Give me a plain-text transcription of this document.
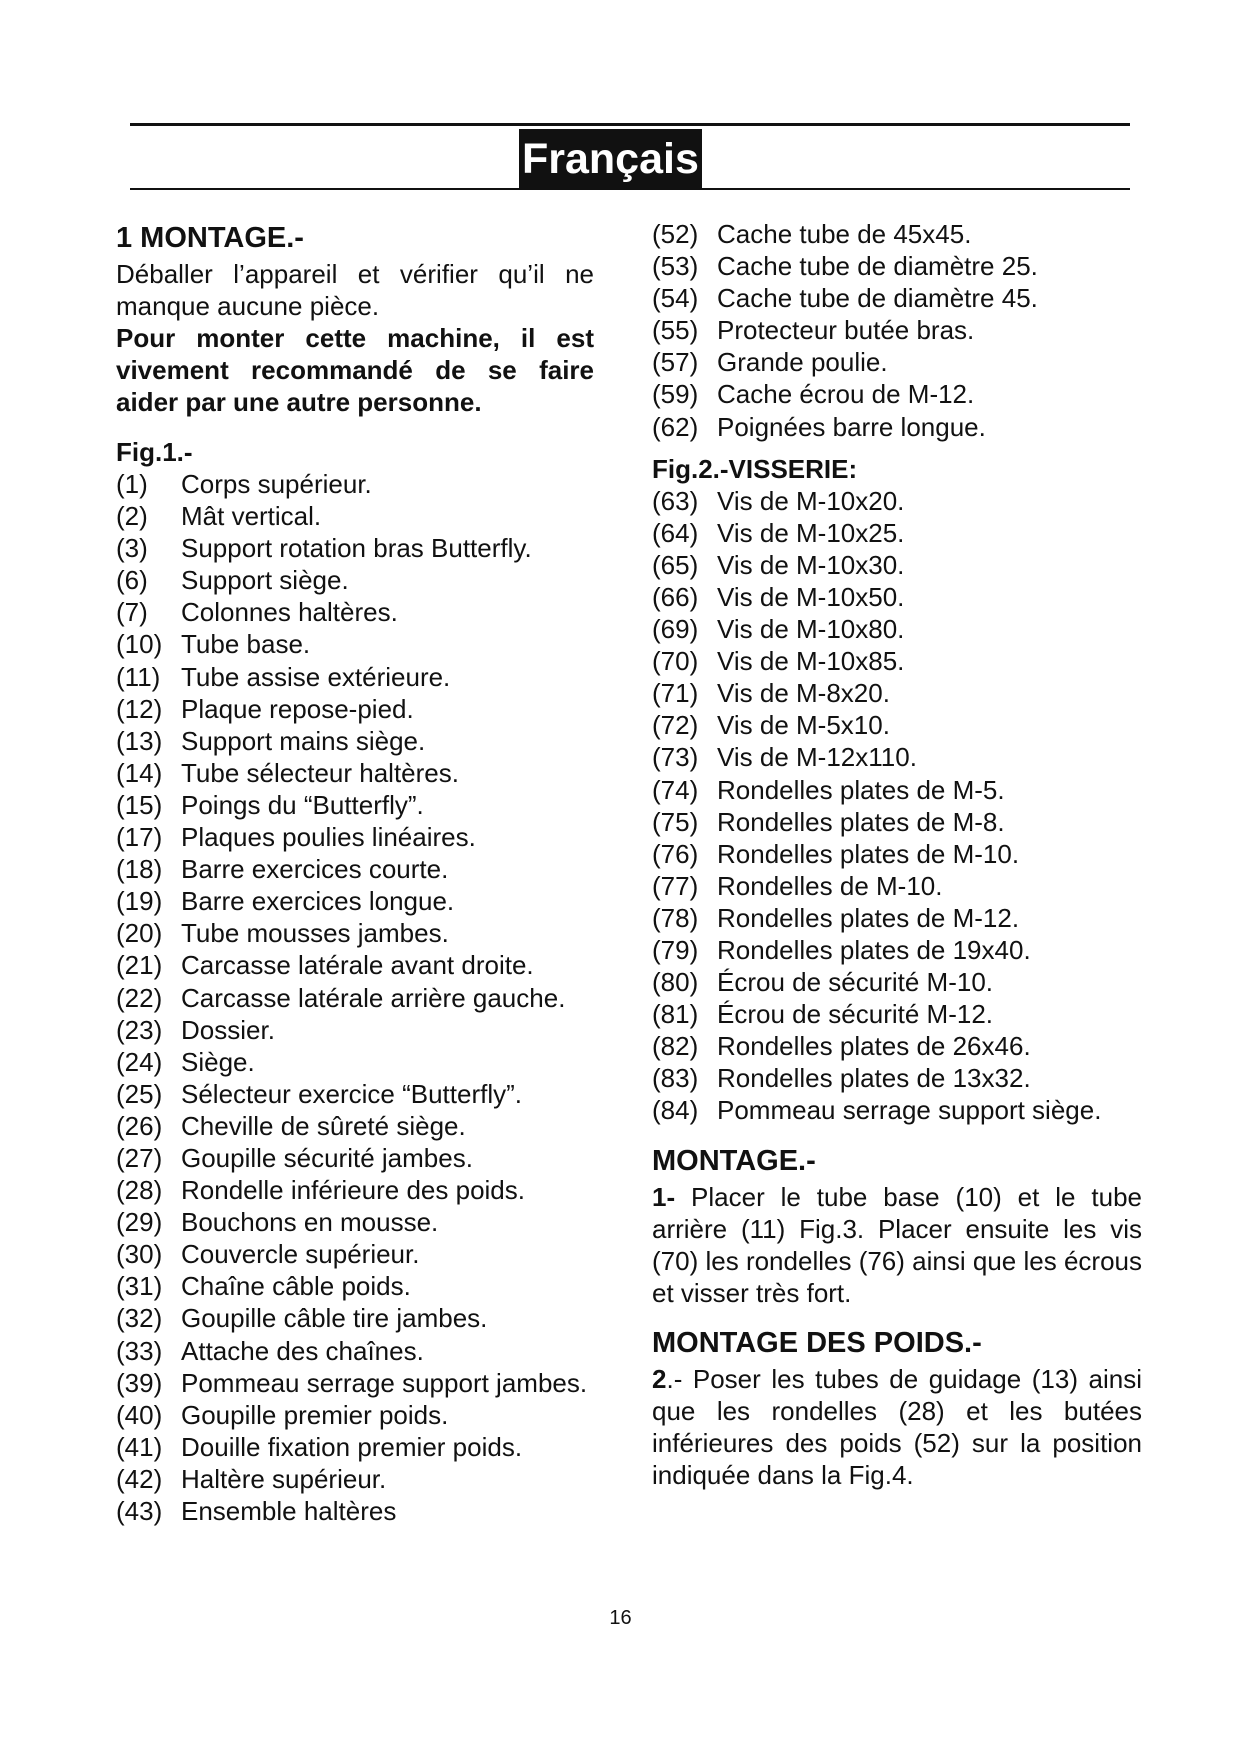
Français
1 MONTAGE.-

Déballer l’appareil et vérifier qu’il ne manque aucune pièce.

Pour monter cette machine, il est vivement recommandé de se faire aider par une autre personne.

Fig.1.-
(1)	Corps supérieur.
(2)	Mât vertical.
(3)	Support rotation bras Butterfly.
(6)	Support siège.
(7)	Colonnes haltères.
(10) Tube base.
(11) Tube assise extérieure.
(12) Plaque repose-pied.
(13) Support mains siège.
(14) Tube sélecteur haltères.
(15) Poings du “Butterfly”.
(17) Plaques poulies linéaires.
(18) Barre exercices courte.
(19) Barre exercices longue.
(20) Tube mousses jambes.
(21) Carcasse latérale avant droite.
(22) Carcasse latérale arrière gauche.
(23) Dossier.
(24) Siège.
(25) Sélecteur exercice “Butterfly”.
(26) Cheville de sûreté siège.
(27) Goupille sécurité jambes.
(28) Rondelle inférieure des poids.
(29) Bouchons en mousse.
(30) Couvercle supérieur.
(31) Chaîne câble poids.
(32) Goupille câble tire jambes.
(33) Attache des chaînes.
(39) Pommeau serrage support jambes.
(40) Goupille premier poids.
(41) Douille fixation premier poids.
(42) Haltère supérieur.
(43) Ensemble haltères
(52) Cache tube de 45x45.
(53) Cache tube de diamètre 25.
(54) Cache tube de diamètre 45.
(55) Protecteur butée bras.
(57) Grande poulie.
(59) Cache écrou de M-12.
(62) Poignées barre longue.
Fig.2.-VISSERIE:
(63) Vis de M-10x20.
(64) Vis de M-10x25.
(65) Vis de M-10x30.
(66) Vis de M-10x50.
(69) Vis de M-10x80.
(70) Vis de M-10x85.
(71) Vis de M-8x20.
(72) Vis de M-5x10.
(73) Vis de M-12x110.
(74) Rondelles plates de M-5.
(75) Rondelles plates de M-8.
(76) Rondelles plates de M-10.
(77) Rondelles de M-10.
(78) Rondelles plates de M-12.
(79) Rondelles plates de 19x40.
(80) Écrou de sécurité M-10.
(81) Écrou de sécurité M-12.
(82) Rondelles plates de 26x46.
(83) Rondelles plates de 13x32.
(84) Pommeau serrage support siège.
MONTAGE.-

1- Placer le tube base (10) et le tube arrière (11) Fig.3. Placer ensuite les vis (70) les rondelles (76) ainsi que les écrous et visser très fort.

MONTAGE DES POIDS.-

2.- Poser les tubes de guidage (13) ainsi que les rondelles (28) et les butées inférieures des poids (52) sur la position indiquée dans la Fig.4.

16
